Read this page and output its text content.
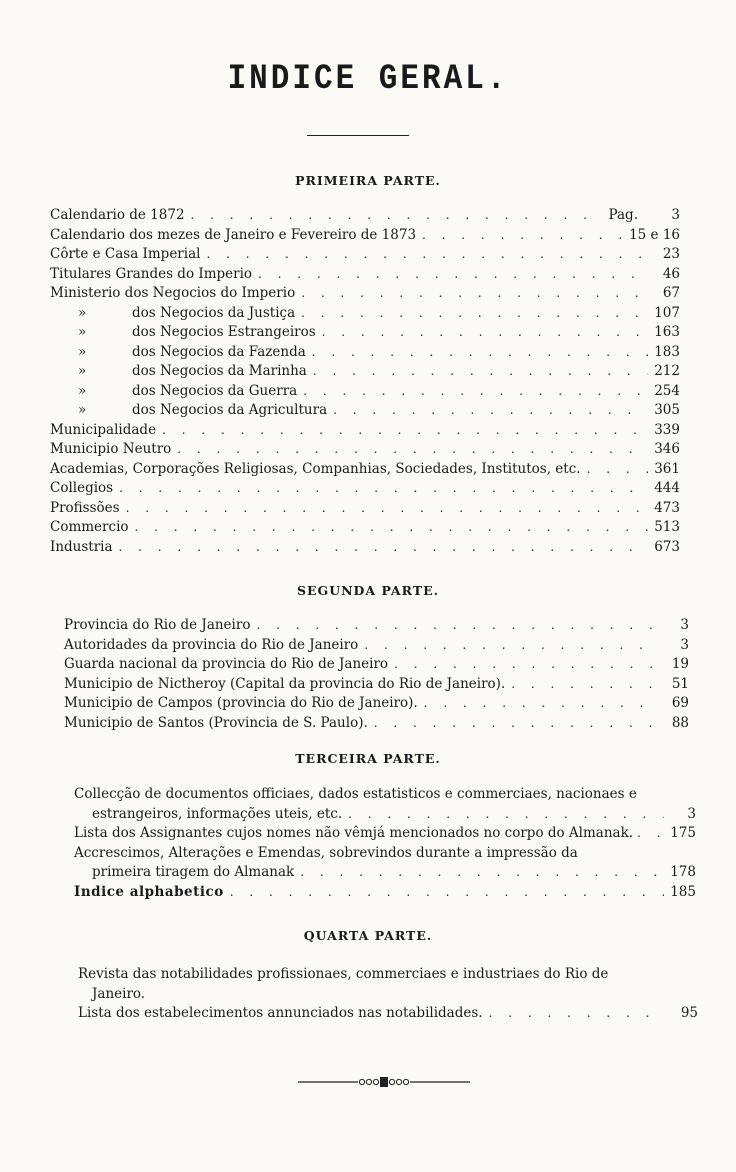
INDICE GERAL.
PRIMEIRA PARTE.
Calendario de 1872 . . .	Pag.	3
Calendario dos mezes de Janeiro e Fevereiro de 1873 . . .	15 e 16
Côrte e Casa Imperial . . .	23
Titulares Grandes do Imperio . . .	46
Ministerio dos Negocios do Imperio . . .	67
»	dos Negocios da Justiça . . .	107
»	dos Negocios Estrangeiros . . .	163
»	dos Negocios da Fazenda . . .	183
»	dos Negocios da Marinha . . .	212
»	dos Negocios da Guerra . . .	254
»	dos Negocios da Agricultura . . .	305
Municipalidade . . .	339
Municipio Neutro . . .	346
Academias, Corporações Religiosas, Companhias, Sociedades, Institutos, etc. . . .	361
Collegios . . .	444
Profissões . . .	473
Commercio . . .	513
Industria . . .	673
SEGUNDA PARTE.
Provincia do Rio de Janeiro . . .	3
Autoridades da provincia do Rio de Janeiro . . .	3
Guarda nacional da provincia do Rio de Janeiro . . .	19
Municipio de Nictheroy (Capital da provincia do Rio de Janeiro). . . .	51
Municipio de Campos (provincia do Rio de Janeiro). . . .	69
Municipio de Santos (Provincia de S. Paulo). . . .	88
TERCEIRA PARTE.
Collecção de documentos officiaes, dados estatisticos e commerciaes, nacionaes e
estrangeiros, informações uteis, etc. . . .	3
Lista dos Assignantes cujos nomes não vêmjá mencionados no corpo do Almanak. . . .	175
Accrescimos, Alterações e Emendas, sobrevindos durante a impressão da
primeira tiragem do Almanak . . .	178
Indice alphabetico . . .	185
QUARTA PARTE.
Revista das notabilidades profissionaes, commerciaes e industriaes do Rio de
Janeiro.
Lista dos estabelecimentos annunciados nas notabilidades. . . .	95
